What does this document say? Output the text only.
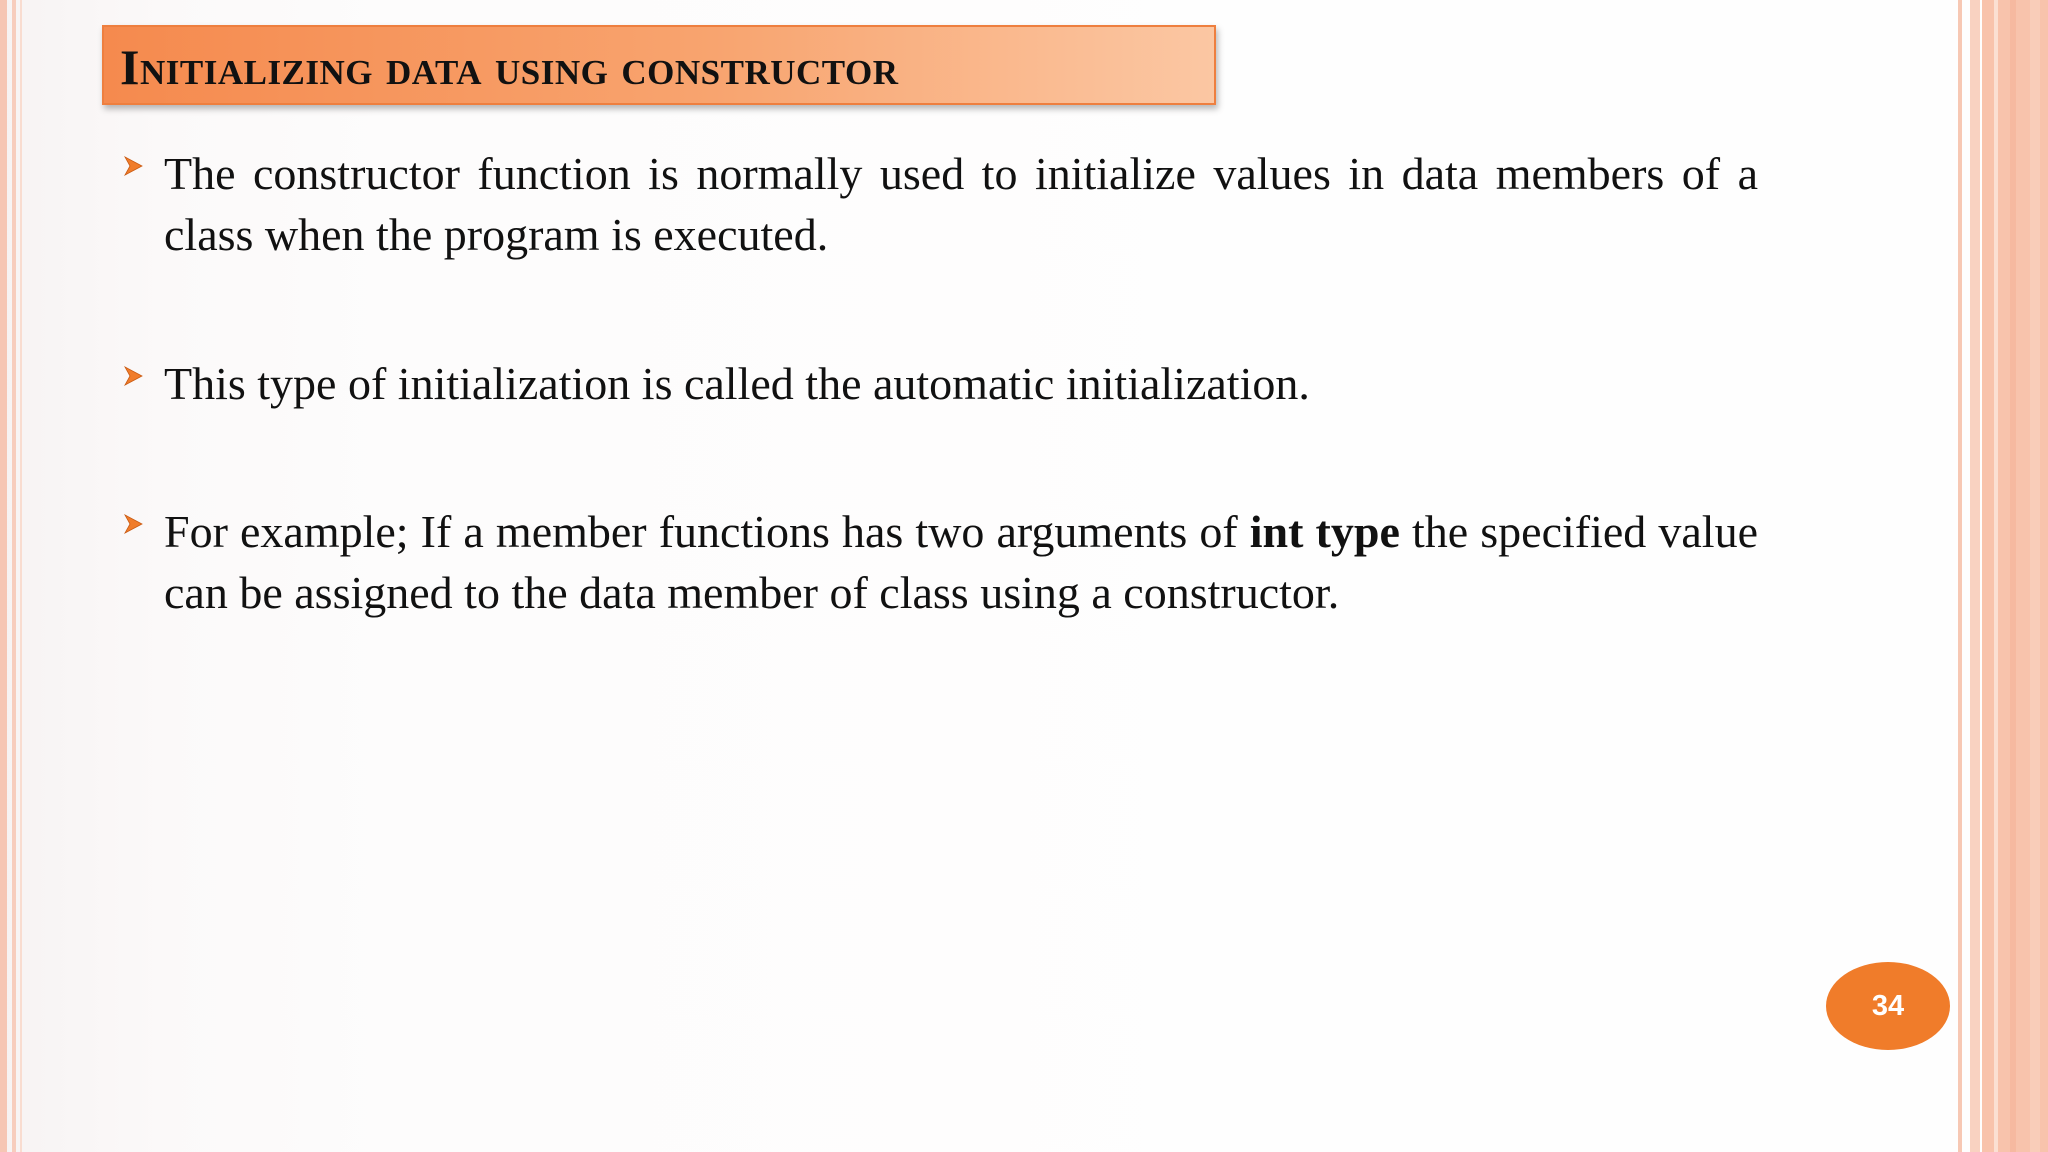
Initializing data using constructor
The constructor function is normally used to initialize values in data members of a class when the program is executed.
This type of initialization is called the automatic initialization.
For example; If a member functions has two arguments of int type the specified value can be assigned to the data member of class using a constructor.
34
